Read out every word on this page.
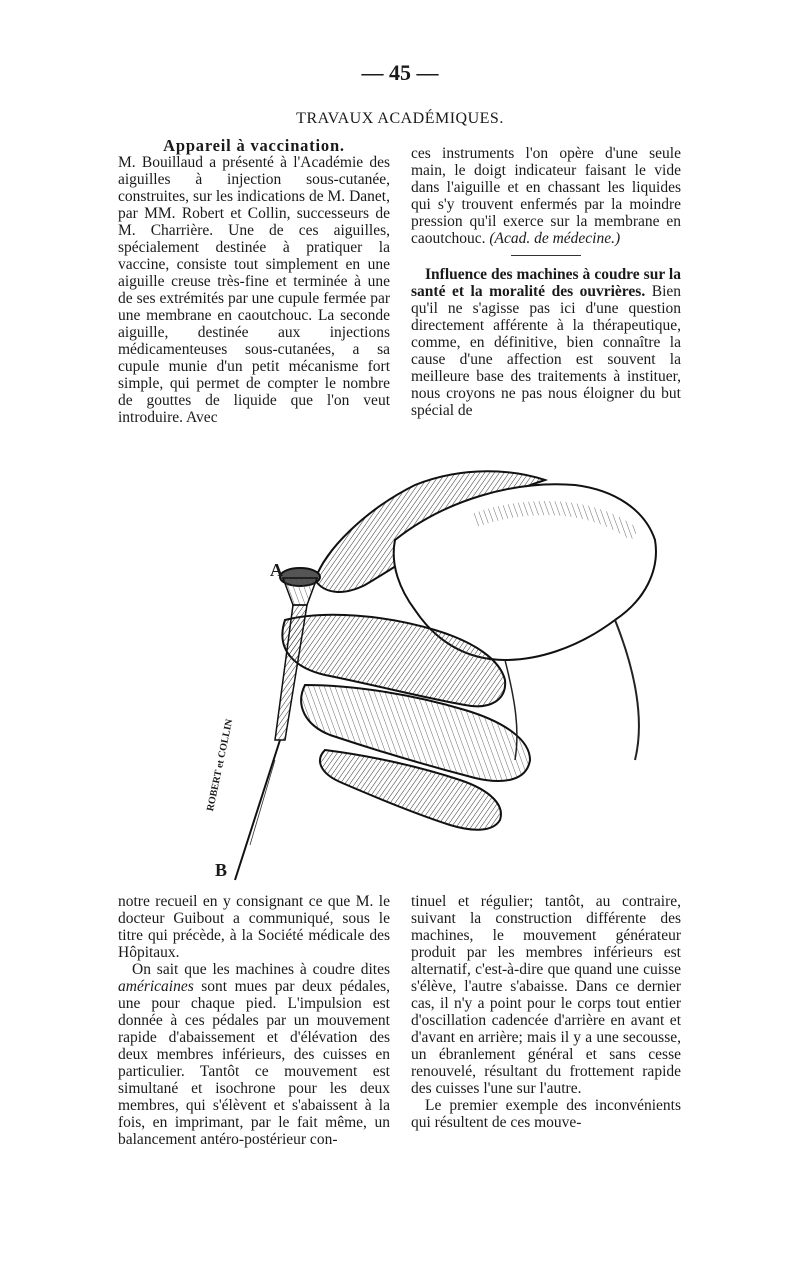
— 45 —
TRAVAUX ACADÉMIQUES.

Appareil à vaccination.

M. Bouillaud a présenté à l'Académie des aiguilles à injection sous-cutanée, construites, sur les indications de M. Danet, par MM. Robert et Collin, successeurs de M. Charrière. Une de ces aiguilles, spécialement destinée à pratiquer la vaccine, consiste tout simplement en une aiguille creuse très-fine et terminée à une de ses extrémités par une cupule fermée par une membrane en caoutchouc. La seconde aiguille, destinée aux injections médicamenteuses sous-cutanées, a sa cupule munie d'un petit mécanisme fort simple, qui permet de compter le nombre de gouttes de liquide que l'on veut introduire. Avec

ces instruments l'on opère d'une seule main, le doigt indicateur faisant le vide dans l'aiguille et en chassant les liquides qui s'y trouvent enfermés par la moindre pression qu'il exerce sur la membrane en caoutchouc. (Acad. de médecine.)

Influence des machines à coudre sur la santé et la moralité des ouvrières. Bien qu'il ne s'agisse pas ici d'une question directement afférente à la thérapeutique, comme, en définitive, bien connaître la cause d'une affection est souvent la meilleure base des traitements à instituer, nous croyons ne pas nous éloigner du but spécial de

A
B
ROBERT et COLLIN

notre recueil en y consignant ce que M. le docteur Guibout a communiqué, sous le titre qui précède, à la Société médicale des Hôpitaux.

On sait que les machines à coudre dites américaines sont mues par deux pédales, une pour chaque pied. L'impulsion est donnée à ces pédales par un mouvement rapide d'abaissement et d'élévation des deux membres inférieurs, des cuisses en particulier. Tantôt ce mouvement est simultané et isochrone pour les deux membres, qui s'élèvent et s'abaissent à la fois, en imprimant, par le fait même, un balancement antéro-postérieur con-

tinuel et régulier; tantôt, au contraire, suivant la construction différente des machines, le mouvement générateur produit par les membres inférieurs est alternatif, c'est-à-dire que quand une cuisse s'élève, l'autre s'abaisse. Dans ce dernier cas, il n'y a point pour le corps tout entier d'oscillation cadencée d'arrière en avant et d'avant en arrière; mais il y a une secousse, un ébranlement général et sans cesse renouvelé, résultant du frottement rapide des cuisses l'une sur l'autre.

Le premier exemple des inconvénients qui résultent de ces mouve-
